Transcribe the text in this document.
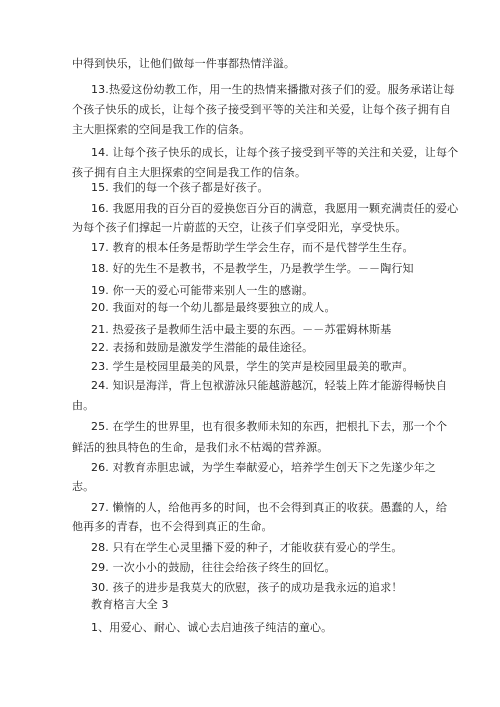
中得到快乐，让他们做每一件事都热情洋溢。
13.热爱这份幼教工作，用一生的热情来播撒对孩子们的爱。服务承诺让每
个孩子快乐的成长，让每个孩子接受到平等的关注和关爱，让每个孩子拥有自
主大胆探索的空间是我工作的信条。
14. 让每个孩子快乐的成长，让每个孩子接受到平等的关注和关爱，让每个
孩子拥有自主大胆探索的空间是我工作的信条。
15. 我们的每一个孩子都是好孩子。
16. 我愿用我的百分百的爱换您百分百的满意，我愿用一颗充满责任的爱心
为每个孩子们撑起一片蔚蓝的天空，让孩子们享受阳光，享受快乐。
17. 教育的根本任务是帮助学生学会生存，而不是代替学生生存。
18. 好的先生不是教书，不是教学生，乃是教学生学。－－陶行知
19. 你一天的爱心可能带来别人一生的感谢。
20. 我面对的每一个幼儿都是最终要独立的成人。
21. 热爱孩子是教师生活中最主要的东西。－－苏霍姆林斯基
22. 表扬和鼓励是激发学生潜能的最佳途径。
23. 学生是校园里最美的风景，学生的笑声是校园里最美的歌声。
24. 知识是海洋，背上包袱游泳只能越游越沉，轻装上阵才能游得畅快自
由。
25. 在学生的世界里，也有很多教师未知的东西，把根扎下去，那一个个
鲜活的独具特色的生命，是我们永不枯竭的营养源。
26. 对教育赤胆忠诚，为学生奉献爱心，培养学生创天下之先遂少年之
志。
27. 懒惰的人，给他再多的时间，也不会得到真正的收获。愚蠢的人，给
他再多的青春，也不会得到真正的生命。
28. 只有在学生心灵里播下爱的种子，才能收获有爱心的学生。
29. 一次小小的鼓励，往往会给孩子终生的回忆。
30. 孩子的进步是我莫大的欣慰，孩子的成功是我永远的追求！
教育格言大全 3
1、用爱心、耐心、诚心去启迪孩子纯洁的童心。
